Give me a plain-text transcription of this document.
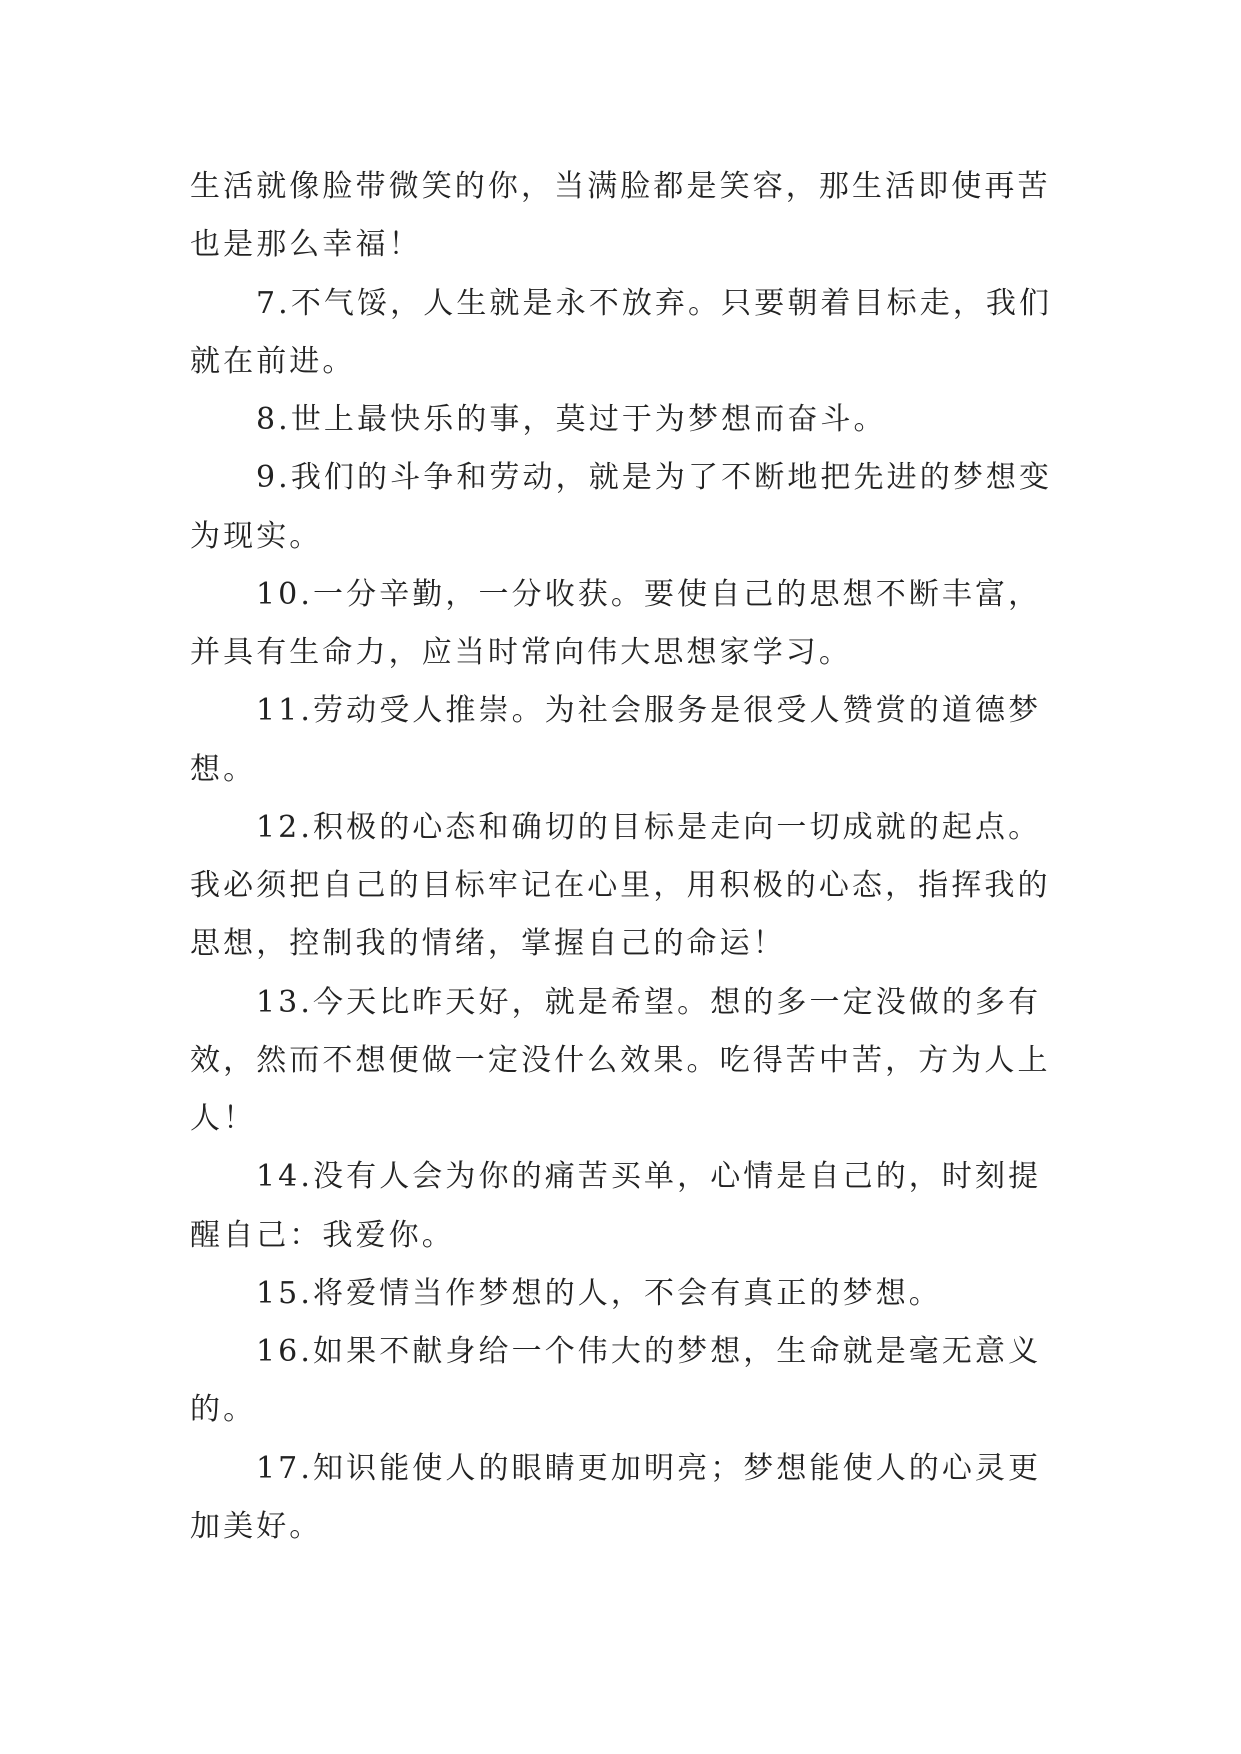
生活就像脸带微笑的你，当满脸都是笑容，那生活即使再苦
也是那么幸福！
7.不气馁，人生就是永不放弃。只要朝着目标走，我们
就在前进。
8.世上最快乐的事，莫过于为梦想而奋斗。
9.我们的斗争和劳动，就是为了不断地把先进的梦想变
为现实。
10.一分辛勤，一分收获。要使自己的思想不断丰富，
并具有生命力，应当时常向伟大思想家学习。
11.劳动受人推崇。为社会服务是很受人赞赏的道德梦
想。
12.积极的心态和确切的目标是走向一切成就的起点。
我必须把自己的目标牢记在心里，用积极的心态，指挥我的
思想，控制我的情绪，掌握自己的命运！
13.今天比昨天好，就是希望。想的多一定没做的多有
效，然而不想便做一定没什么效果。吃得苦中苦，方为人上
人！
14.没有人会为你的痛苦买单，心情是自己的，时刻提
醒自己：我爱你。
15.将爱情当作梦想的人，不会有真正的梦想。
16.如果不献身给一个伟大的梦想，生命就是毫无意义
的。
17.知识能使人的眼睛更加明亮；梦想能使人的心灵更
加美好。
